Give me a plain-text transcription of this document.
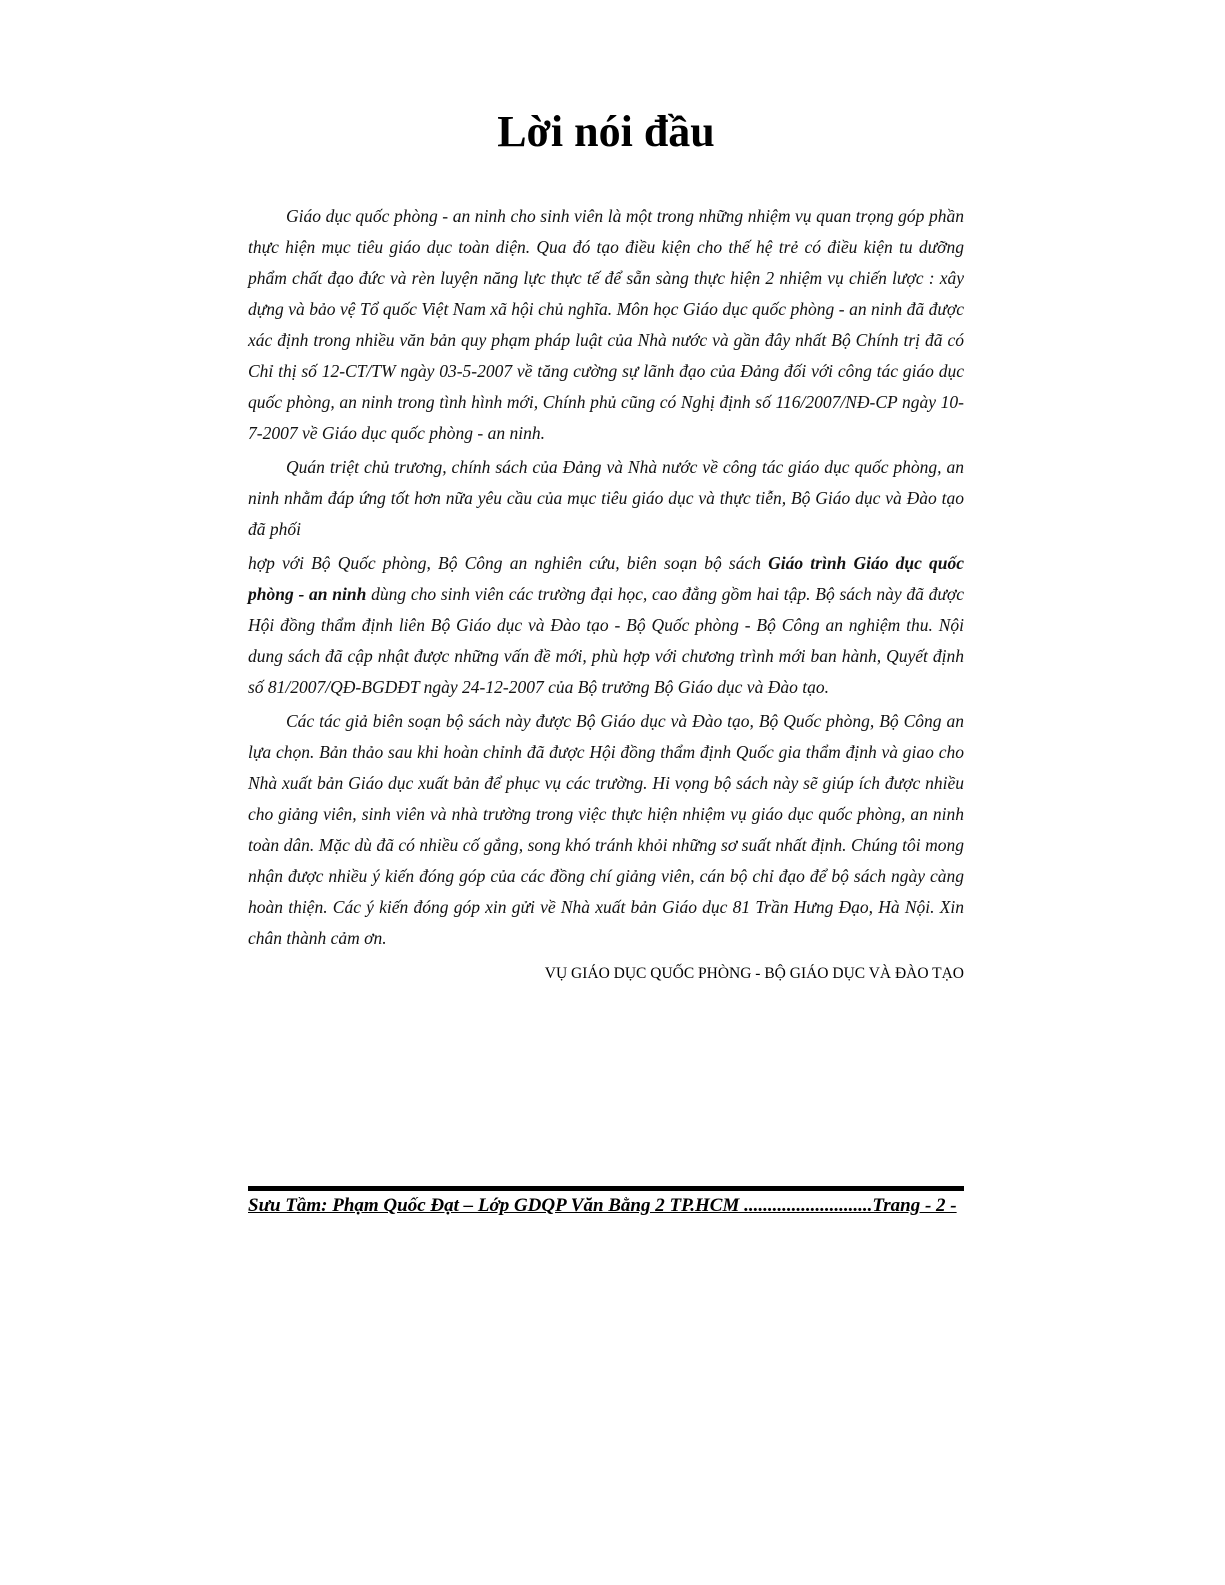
Lời nói đầu

Giáo dục quốc phòng - an ninh cho sinh viên là một trong những nhiệm vụ quan trọng góp phần thực hiện mục tiêu giáo dục toàn diện. Qua đó tạo điều kiện cho thế hệ trẻ có điều kiện tu dưỡng phẩm chất đạo đức và rèn luyện năng lực thực tế để sẵn sàng thực hiện 2 nhiệm vụ chiến lược : xây dựng và bảo vệ Tổ quốc Việt Nam xã hội chủ nghĩa. Môn học Giáo dục quốc phòng - an ninh đã được xác định trong nhiều văn bản quy phạm pháp luật của Nhà nước và gần đây nhất Bộ Chính trị đã có Chỉ thị số 12-CT/TW ngày 03-5-2007 về tăng cường sự lãnh đạo của Đảng đối với công tác giáo dục quốc phòng, an ninh trong tình hình mới, Chính phủ cũng có Nghị định số 116/2007/NĐ-CP ngày 10-7-2007 về Giáo dục quốc phòng - an ninh.

Quán triệt chủ trương, chính sách của Đảng và Nhà nước về công tác giáo dục quốc phòng, an ninh nhằm đáp ứng tốt hơn nữa yêu cầu của mục tiêu giáo dục và thực tiễn, Bộ Giáo dục và Đào tạo đã phối

hợp với Bộ Quốc phòng, Bộ Công an nghiên cứu, biên soạn bộ sách Giáo trình Giáo dục quốc phòng - an ninh dùng cho sinh viên các trường đại học, cao đẳng gồm hai tập. Bộ sách này đã được Hội đồng thẩm định liên Bộ Giáo dục và Đào tạo - Bộ Quốc phòng - Bộ Công an nghiệm thu. Nội dung sách đã cập nhật được những vấn đề mới, phù hợp với chương trình mới ban hành, Quyết định số 81/2007/QĐ-BGDĐT ngày 24-12-2007 của Bộ trưởng Bộ Giáo dục và Đào tạo.

Các tác giả biên soạn bộ sách này được Bộ Giáo dục và Đào tạo, Bộ Quốc phòng, Bộ Công an lựa chọn. Bản thảo sau khi hoàn chỉnh đã được Hội đồng thẩm định Quốc gia thẩm định và giao cho Nhà xuất bản Giáo dục xuất bản để phục vụ các trường. Hi vọng bộ sách này sẽ giúp ích được nhiều cho giảng viên, sinh viên và nhà trường trong việc thực hiện nhiệm vụ giáo dục quốc phòng, an ninh toàn dân. Mặc dù đã có nhiều cố gắng, song khó tránh khỏi những sơ suất nhất định. Chúng tôi mong nhận được nhiều ý kiến đóng góp của các đồng chí giảng viên, cán bộ chỉ đạo để bộ sách ngày càng hoàn thiện. Các ý kiến đóng góp xin gửi về Nhà xuất bản Giáo dục 81 Trần Hưng Đạo, Hà Nội. Xin chân thành cảm ơn.

VỤ GIÁO DỤC QUỐC PHÒNG - BỘ GIÁO DỤC VÀ ĐÀO TẠO

Sưu Tầm: Phạm Quốc Đạt – Lớp GDQP Văn Bằng 2 TP.HCM ...........................Trang - 2 -
